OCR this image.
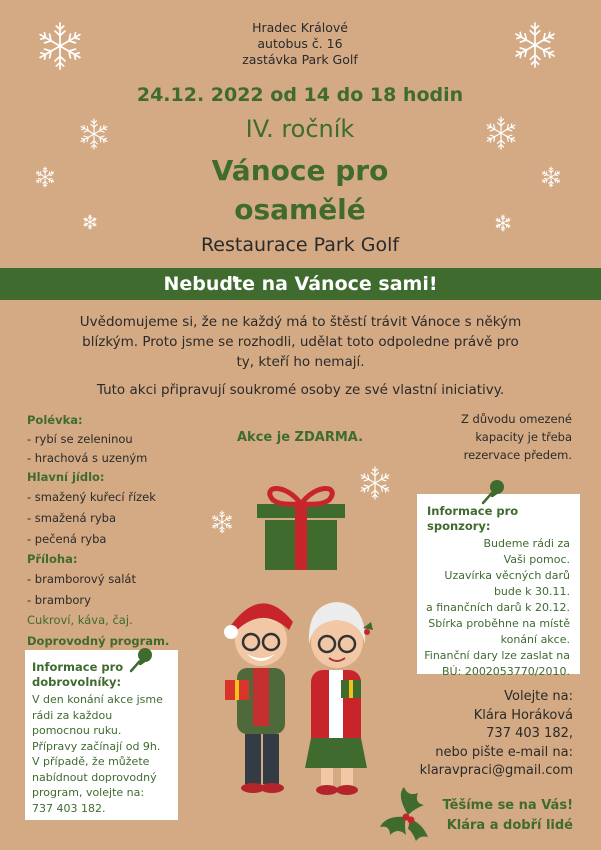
Hradec Králové
autobus č. 16
zastávka Park Golf
24.12. 2022 od 14 do 18 hodin
IV. ročník
Vánoce pro
osamělé
Restaurace Park Golf
Nebuďte na Vánoce sami!
Uvědomujeme si, že ne každý má to štěstí trávit Vánoce s někým
blízkým. Proto jsme se rozhodli, udělat toto odpoledne právě pro
ty, kteří ho nemají.
Tuto akci připravují soukromé osoby ze své vlastní iniciativy.
Polévka:
- rybí se zeleninou
- hrachová s uzeným
Hlavní jídlo:
- smažený kuřecí řízek
- smažená ryba
- pečená ryba
Příloha:
- bramborový salát
- brambory
Cukroví, káva, čaj.
Doprovodný program.
Akce je ZDARMA.
Z důvodu omezené
kapacity je třeba
rezervace předem.
Informace pro sponzory:
Budeme rádi za
Vaši pomoc.
Uzavírka věcných darů
bude k 30.11.
a finančních darů k 20.12.
Sbírka proběhne na místě
konání akce.
Finanční dary lze zaslat na
BÚ: 2002053770/2010.
Informace pro
dobrovolníky:
V den konání akce jsme
rádi za každou
pomocnou ruku.
Přípravy začínají od 9h.
V případě, že můžete
nabídnout doprovodný
program, volejte na:
737 403 182.
Volejte na:
Klára Horáková
737 403 182,
nebo pište e-mail na:
klaravpraci@gmail.com
Těšíme se na Vás!
Klára a dobří lidé
